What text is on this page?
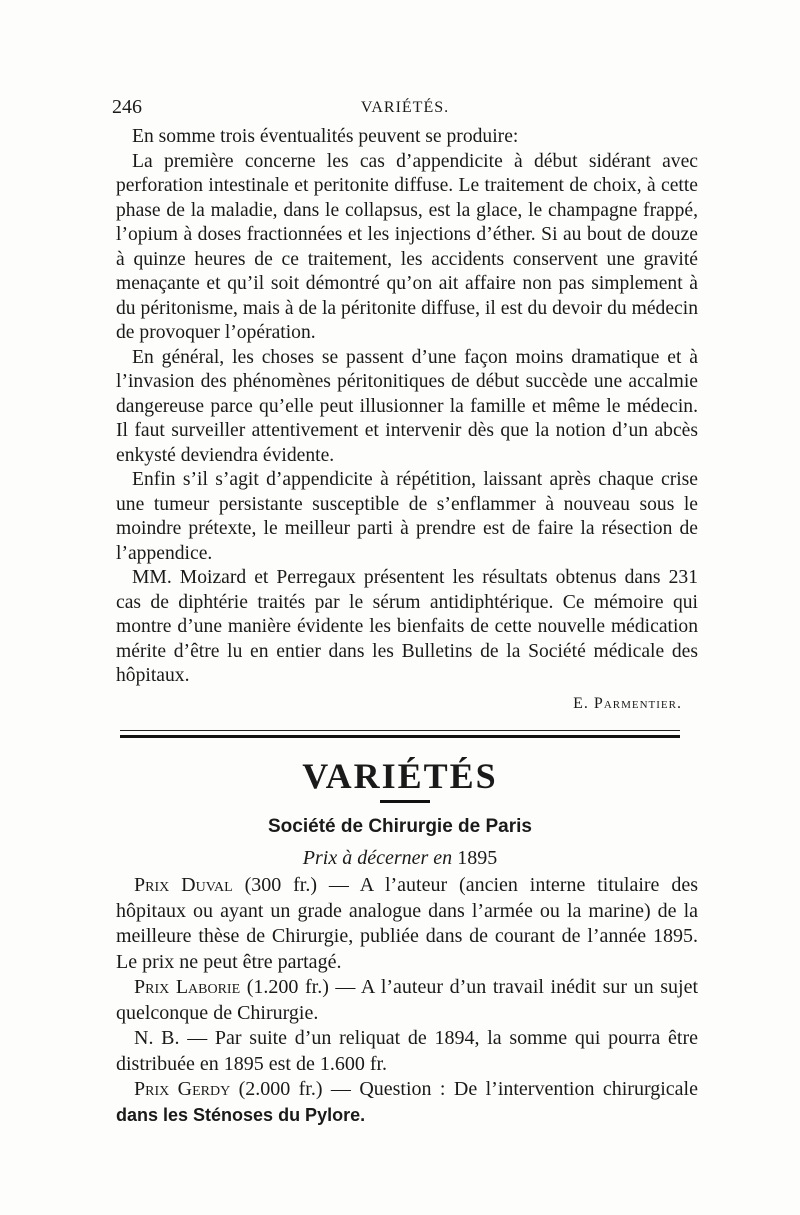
246	VARIÉTÉS.

En somme trois éventualités peuvent se produire:

La première concerne les cas d’appendicite à début sidérant avec perforation intestinale et peritonite diffuse. Le traitement de choix, à cette phase de la maladie, dans le collapsus, est la glace, le champagne frappé, l’opium à doses fractionnées et les injections d’éther. Si au bout de douze à quinze heures de ce traitement, les accidents conservent une gravité menaçante et qu’il soit démontré qu’on ait affaire non pas simplement à du péritonisme, mais à de la péritonite diffuse, il est du devoir du médecin de provoquer l’opération.

En général, les choses se passent d’une façon moins dramatique et à l’invasion des phénomènes péritonitiques de début succède une accalmie dangereuse parce qu’elle peut illusionner la famille et même le médecin. Il faut surveiller attentivement et intervenir dès que la notion d’un abcès enkysté deviendra évidente.

Enfin s’il s’agit d’appendicite à répétition, laissant après chaque crise une tumeur persistante susceptible de s’enflammer à nouveau sous le moindre prétexte, le meilleur parti à prendre est de faire la résection de l’appendice.

MM. Moizard et Perregaux présentent les résultats obtenus dans 231 cas de diphtérie traités par le sérum antidiphtérique. Ce mémoire qui montre d’une manière évidente les bienfaits de cette nouvelle médication mérite d’être lu en entier dans les Bulletins de la Société médicale des hôpitaux.

E. Parmentier.
VARIÉTÉS
Société de Chirurgie de Paris
Prix à décerner en 1895

Prix Duval (300 fr.) — A l’auteur (ancien interne titulaire des hôpitaux ou ayant un grade analogue dans l’armée ou la marine) de la meilleure thèse de Chirurgie, publiée dans de courant de l’année 1895. Le prix ne peut être partagé.

Prix Laborie (1.200 fr.) — A l’auteur d’un travail inédit sur un sujet quelconque de Chirurgie.

N. B. — Par suite d’un reliquat de 1894, la somme qui pourra être distribuée en 1895 est de 1.600 fr.

Prix Gerdy (2.000 fr.) — Question : De l’intervention chirurgicale dans les Sténoses du Pylore.
